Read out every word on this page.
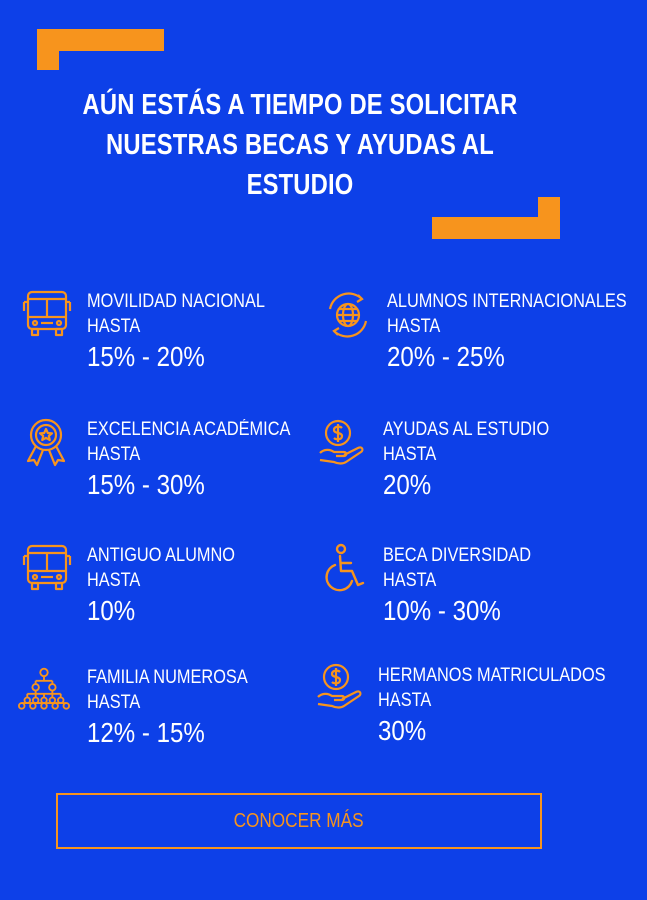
AÚN ESTÁS A TIEMPO DE SOLICITAR
NUESTRAS BECAS Y AYUDAS AL ESTUDIO
MOVILIDAD NACIONAL
HASTA
15% - 20%
ALUMNOS INTERNACIONALES
HASTA
20% - 25%
EXCELENCIA ACADÉMICA
HASTA
15% - 30%
AYUDAS AL ESTUDIO
HASTA
20%
ANTIGUO ALUMNO
HASTA
10%
BECA DIVERSIDAD
HASTA
10% - 30%
FAMILIA NUMEROSA
HASTA
12% - 15%
HERMANOS MATRICULADOS
HASTA
30%
CONOCER MÁS
